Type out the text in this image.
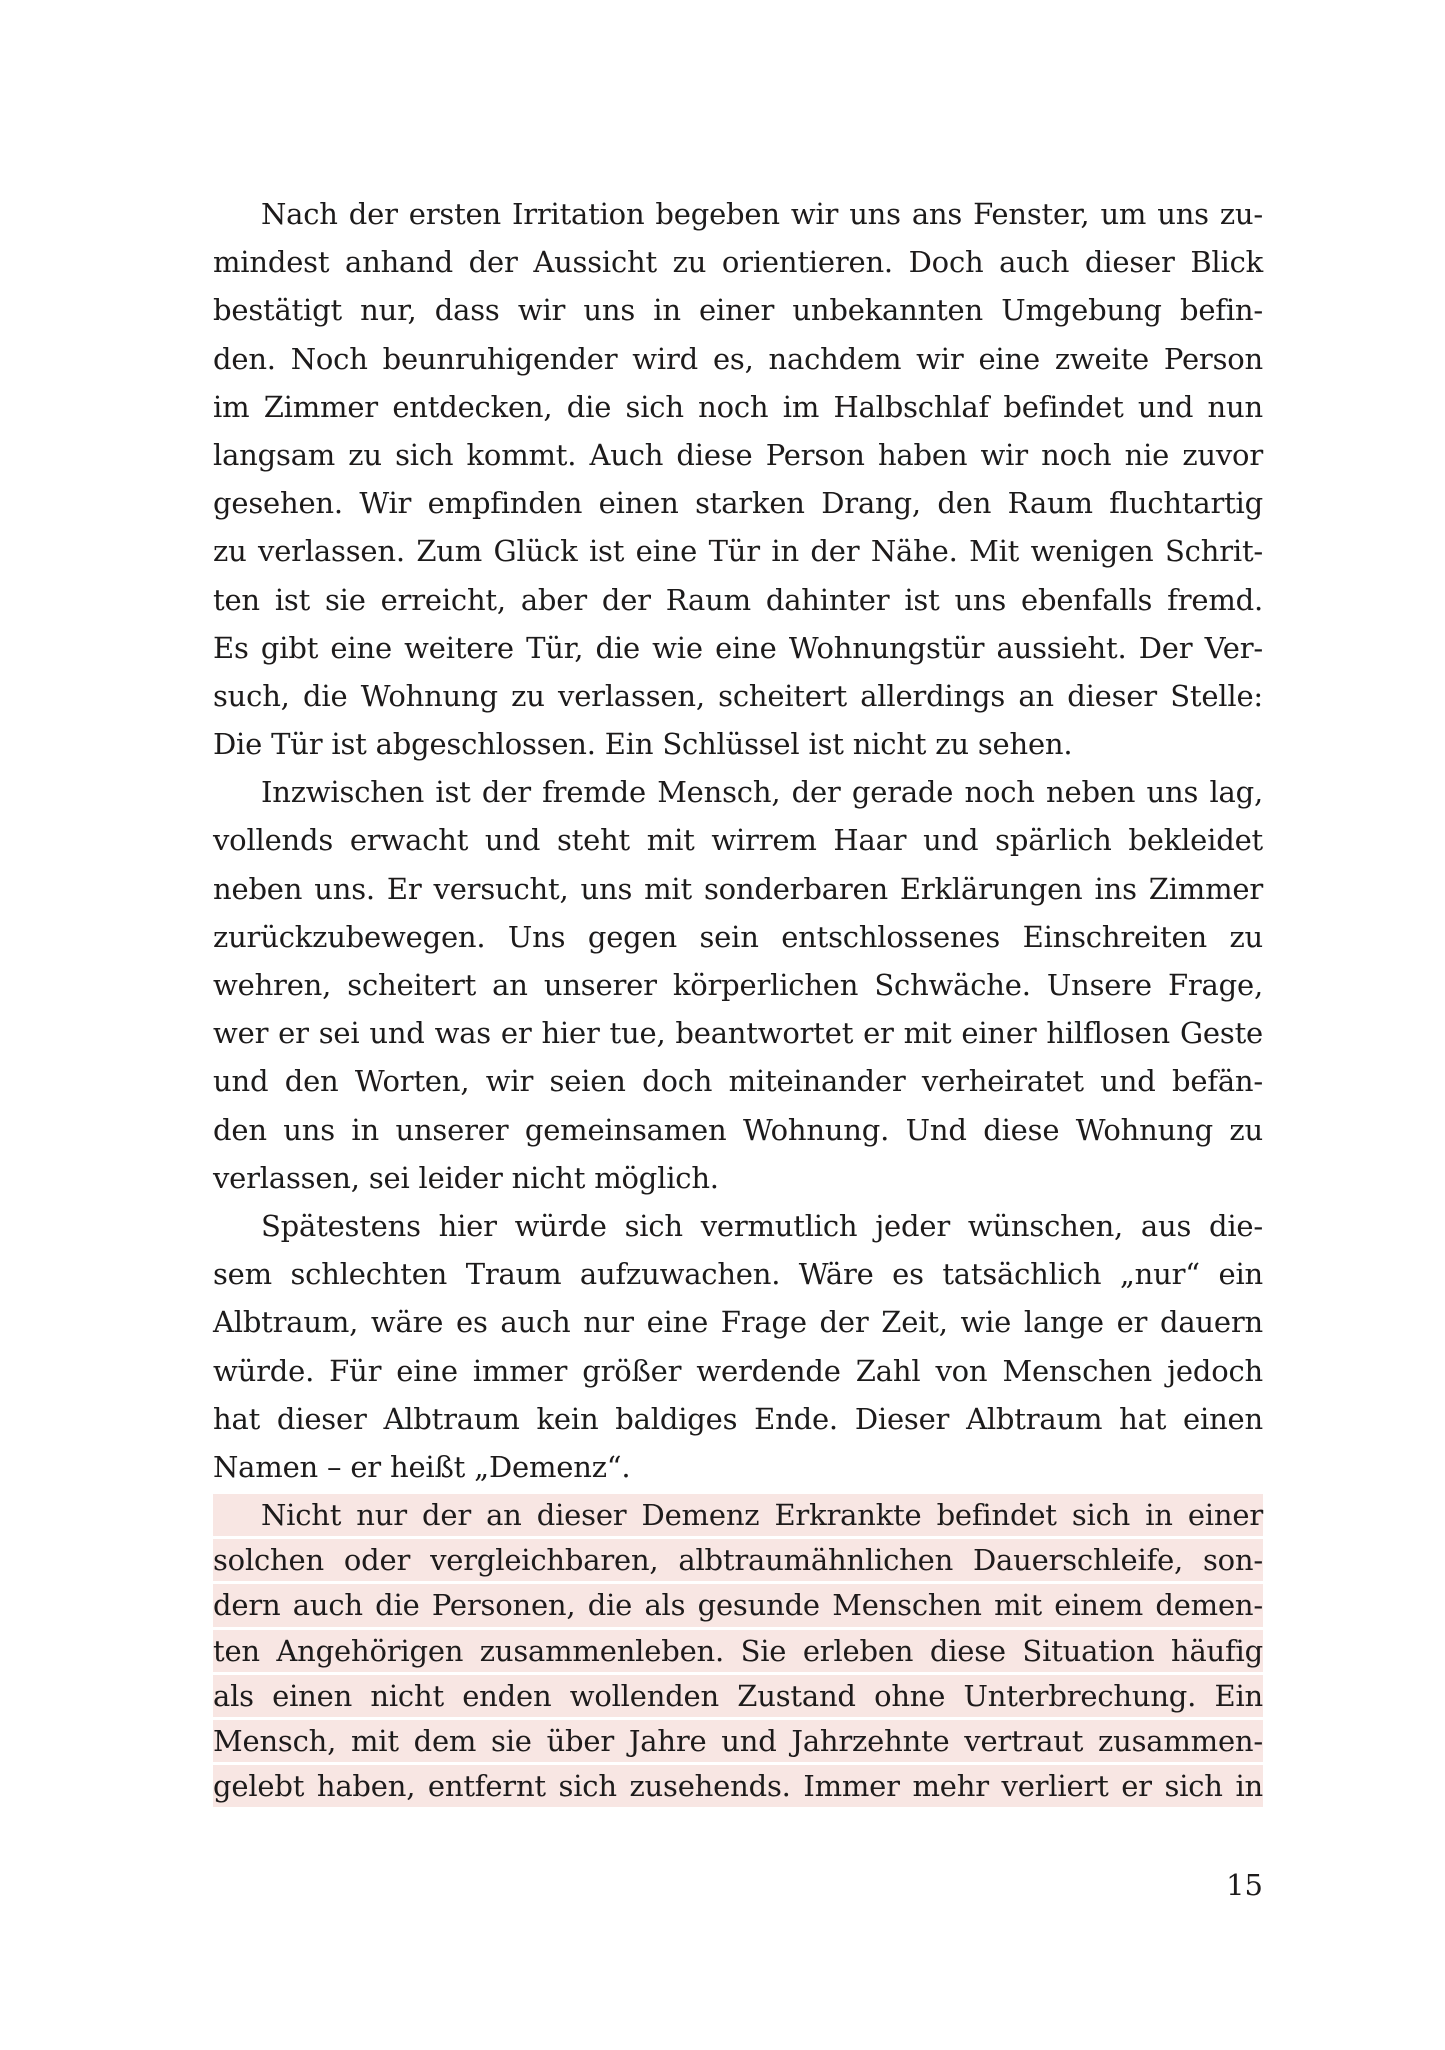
Nach der ersten Irritation begeben wir uns ans Fenster, um uns zu-
mindest anhand der Aussicht zu orientieren. Doch auch dieser Blick
bestätigt nur, dass wir uns in einer unbekannten Umgebung befin-
den. Noch beunruhigender wird es, nachdem wir eine zweite Person
im Zimmer entdecken, die sich noch im Halbschlaf befindet und nun
langsam zu sich kommt. Auch diese Person haben wir noch nie zuvor
gesehen. Wir empfinden einen starken Drang, den Raum fluchtartig
zu verlassen. Zum Glück ist eine Tür in der Nähe. Mit wenigen Schrit-
ten ist sie erreicht, aber der Raum dahinter ist uns ebenfalls fremd.
Es gibt eine weitere Tür, die wie eine Wohnungstür aussieht. Der Ver-
such, die Wohnung zu verlassen, scheitert allerdings an dieser Stelle:
Die Tür ist abgeschlossen. Ein Schlüssel ist nicht zu sehen.
Inzwischen ist der fremde Mensch, der gerade noch neben uns lag,
vollends erwacht und steht mit wirrem Haar und spärlich bekleidet
neben uns. Er versucht, uns mit sonderbaren Erklärungen ins Zimmer
zurückzubewegen. Uns gegen sein entschlossenes Einschreiten zu
wehren, scheitert an unserer körperlichen Schwäche. Unsere Frage,
wer er sei und was er hier tue, beantwortet er mit einer hilflosen Geste
und den Worten, wir seien doch miteinander verheiratet und befän-
den uns in unserer gemeinsamen Wohnung. Und diese Wohnung zu
verlassen, sei leider nicht möglich.
Spätestens hier würde sich vermutlich jeder wünschen, aus die-
sem schlechten Traum aufzuwachen. Wäre es tatsächlich „nur“ ein
Albtraum, wäre es auch nur eine Frage der Zeit, wie lange er dauern
würde. Für eine immer größer werdende Zahl von Menschen jedoch
hat dieser Albtraum kein baldiges Ende. Dieser Albtraum hat einen
Namen – er heißt „Demenz“.
Nicht nur der an dieser Demenz Erkrankte befindet sich in einer
solchen oder vergleichbaren, albtraumähnlichen Dauerschleife, son-
dern auch die Personen, die als gesunde Menschen mit einem demen-
ten Angehörigen zusammenleben. Sie erleben diese Situation häufig
als einen nicht enden wollenden Zustand ohne Unterbrechung. Ein
Mensch, mit dem sie über Jahre und Jahrzehnte vertraut zusammen-
gelebt haben, entfernt sich zusehends. Immer mehr verliert er sich in
15
